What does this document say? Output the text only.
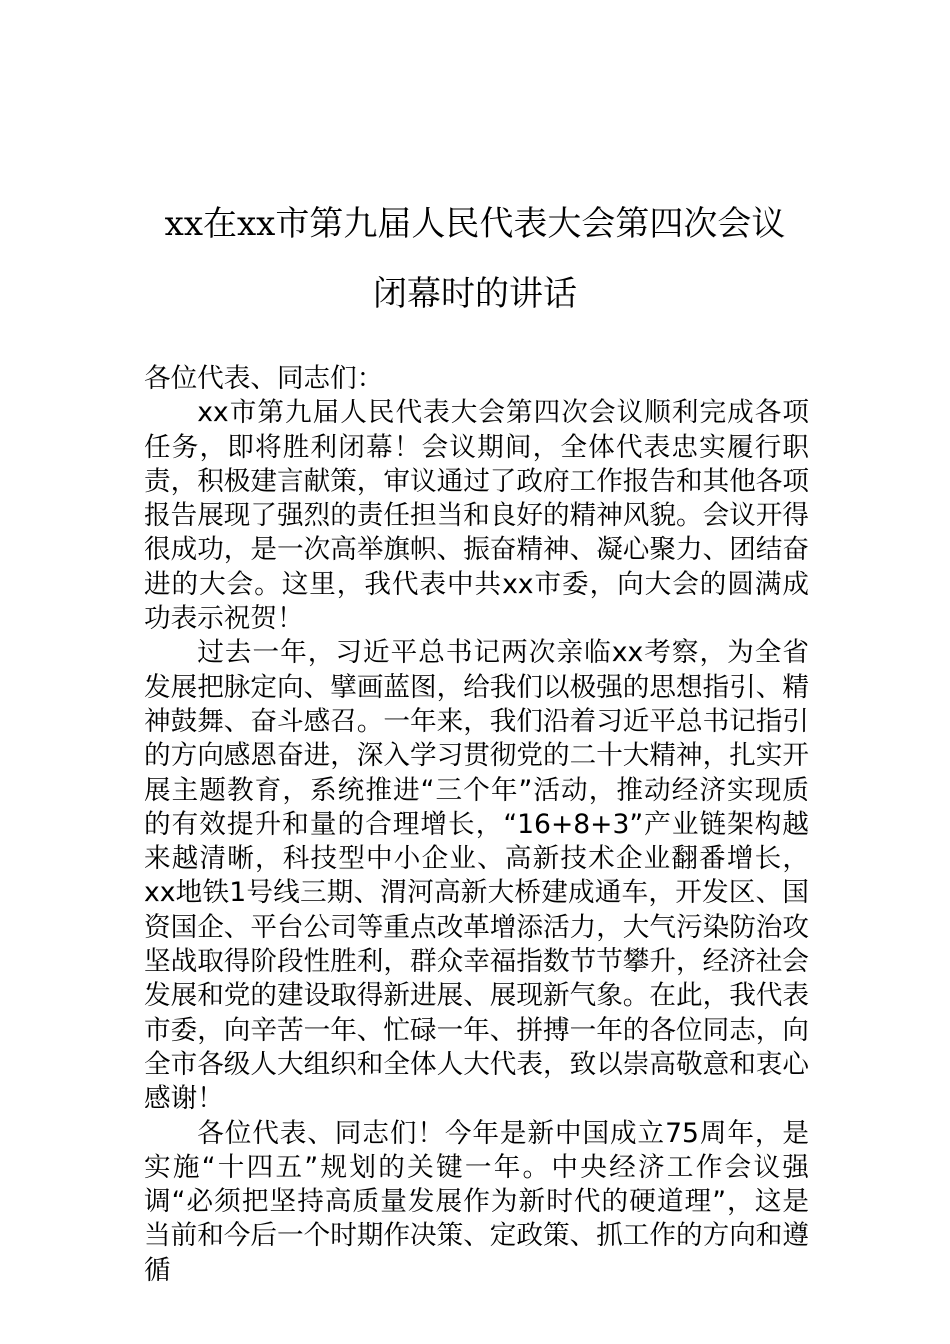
xx在xx市第九届人民代表大会第四次会议
闭幕时的讲话

各位代表、同志们：

xx市第九届人民代表大会第四次会议顺利完成各项任务，即将胜利闭幕！会议期间，全体代表忠实履行职责，积极建言献策，审议通过了政府工作报告和其他各项报告展现了强烈的责任担当和良好的精神风貌。会议开得很成功，是一次高举旗帜、振奋精神、凝心聚力、团结奋进的大会。这里，我代表中共xx市委，向大会的圆满成功表示祝贺！

过去一年，习近平总书记两次亲临xx考察，为全省发展把脉定向、擘画蓝图，给我们以极强的思想指引、精神鼓舞、奋斗感召。一年来，我们沿着习近平总书记指引的方向感恩奋进，深入学习贯彻党的二十大精神，扎实开展主题教育，系统推进“三个年”活动，推动经济实现质的有效提升和量的合理增长，“16+8+3”产业链架构越来越清晰，科技型中小企业、高新技术企业翻番增长，xx地铁1号线三期、渭河高新大桥建成通车，开发区、国资国企、平台公司等重点改革增添活力，大气污染防治攻坚战取得阶段性胜利，群众幸福指数节节攀升，经济社会发展和党的建设取得新进展、展现新气象。在此，我代表市委，向辛苦一年、忙碌一年、拼搏一年的各位同志，向全市各级人大组织和全体人大代表，致以崇高敬意和衷心感谢！

各位代表、同志们！今年是新中国成立75周年，是实施“十四五”规划的关键一年。中央经济工作会议强调“必须把坚持高质量发展作为新时代的硬道理”，这是当前和今后一个时期作决策、定政策、抓工作的方向和遵循
